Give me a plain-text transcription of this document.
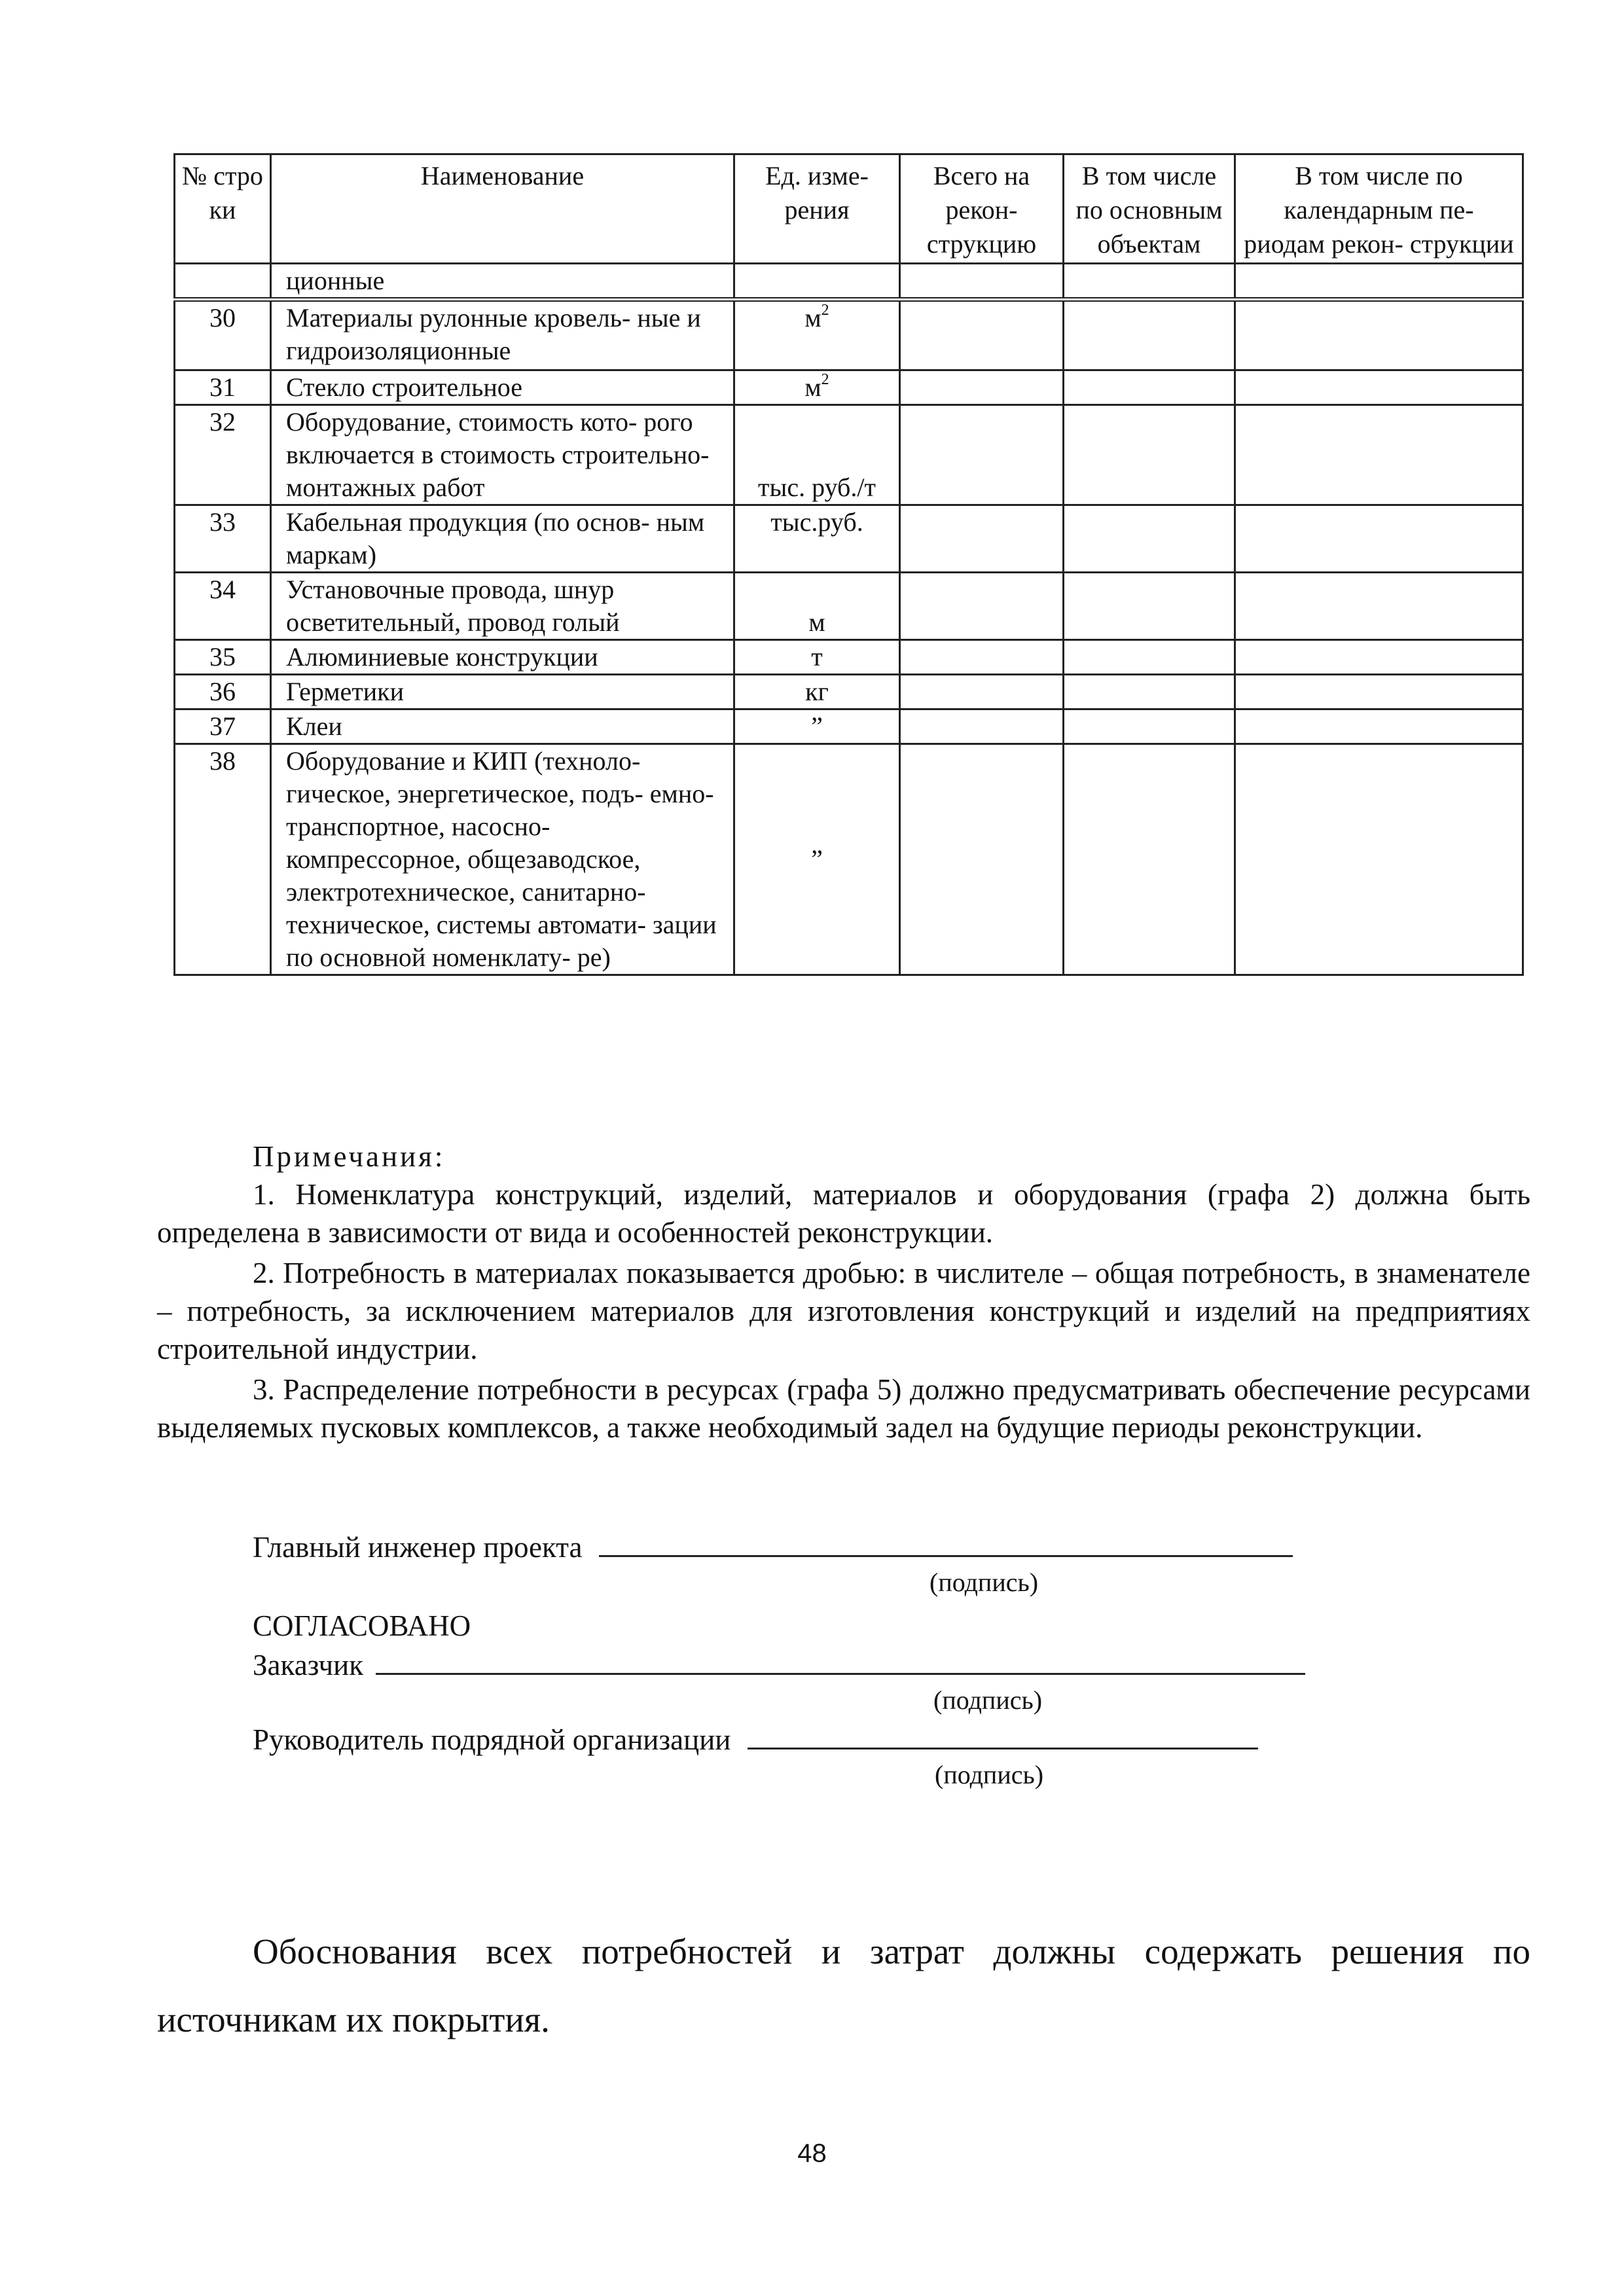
№ стро ки	Наименование	Ед. изме- рения	Всего на рекон- струкцию	В том числе по основным объектам	В том числе по календарным пе- риодам рекон- струкции
	ционные				
30	Материалы рулонные кровель- ные и гидроизоляционные	$м^2$			
31	Стекло строительное	$м^2$			
32	Оборудование, стоимость кото- рого включается в стоимость строительно-монтажных работ	тыс. руб./т			
33	Кабельная продукция (по основ- ным маркам)	тыс.руб.			
34	Установочные провода, шнур осветительный, провод голый	м			
35	Алюминиевые конструкции	т			
36	Герметики	кг			
37	Клеи	”			
38	Оборудование и КИП (техноло- гическое, энергетическое, подъ- емно-транспортное, насосно- компрессорное, общезаводское, электротехническое, санитарно- техническое, системы автомати- зации по основной номенклату- ре)	”			
Примечания:

1. Номенклатура конструкций, изделий, материалов и оборудования (графа 2) должна быть определена в зависимости от вида и особенностей реконструкции.

2. Потребность в материалах показывается дробью: в числителе – общая потребность, в знаменателе – потребность, за исключением материалов для изготовления конструкций и изделий на предприятиях строительной индустрии.

3. Распределение потребности в ресурсах (графа 5) должно предусматривать обеспечение ресурсами выделяемых пусковых комплексов, а также необходимый задел на будущие периоды реконструкции.

Главный инженер проекта
(подпись)
СОГЛАСОВАНО
Заказчик
(подпись)
Руководитель подрядной организации
(подпись)

Обоснования всех потребностей и затрат должны содержать решения по источникам их покрытия.

48
